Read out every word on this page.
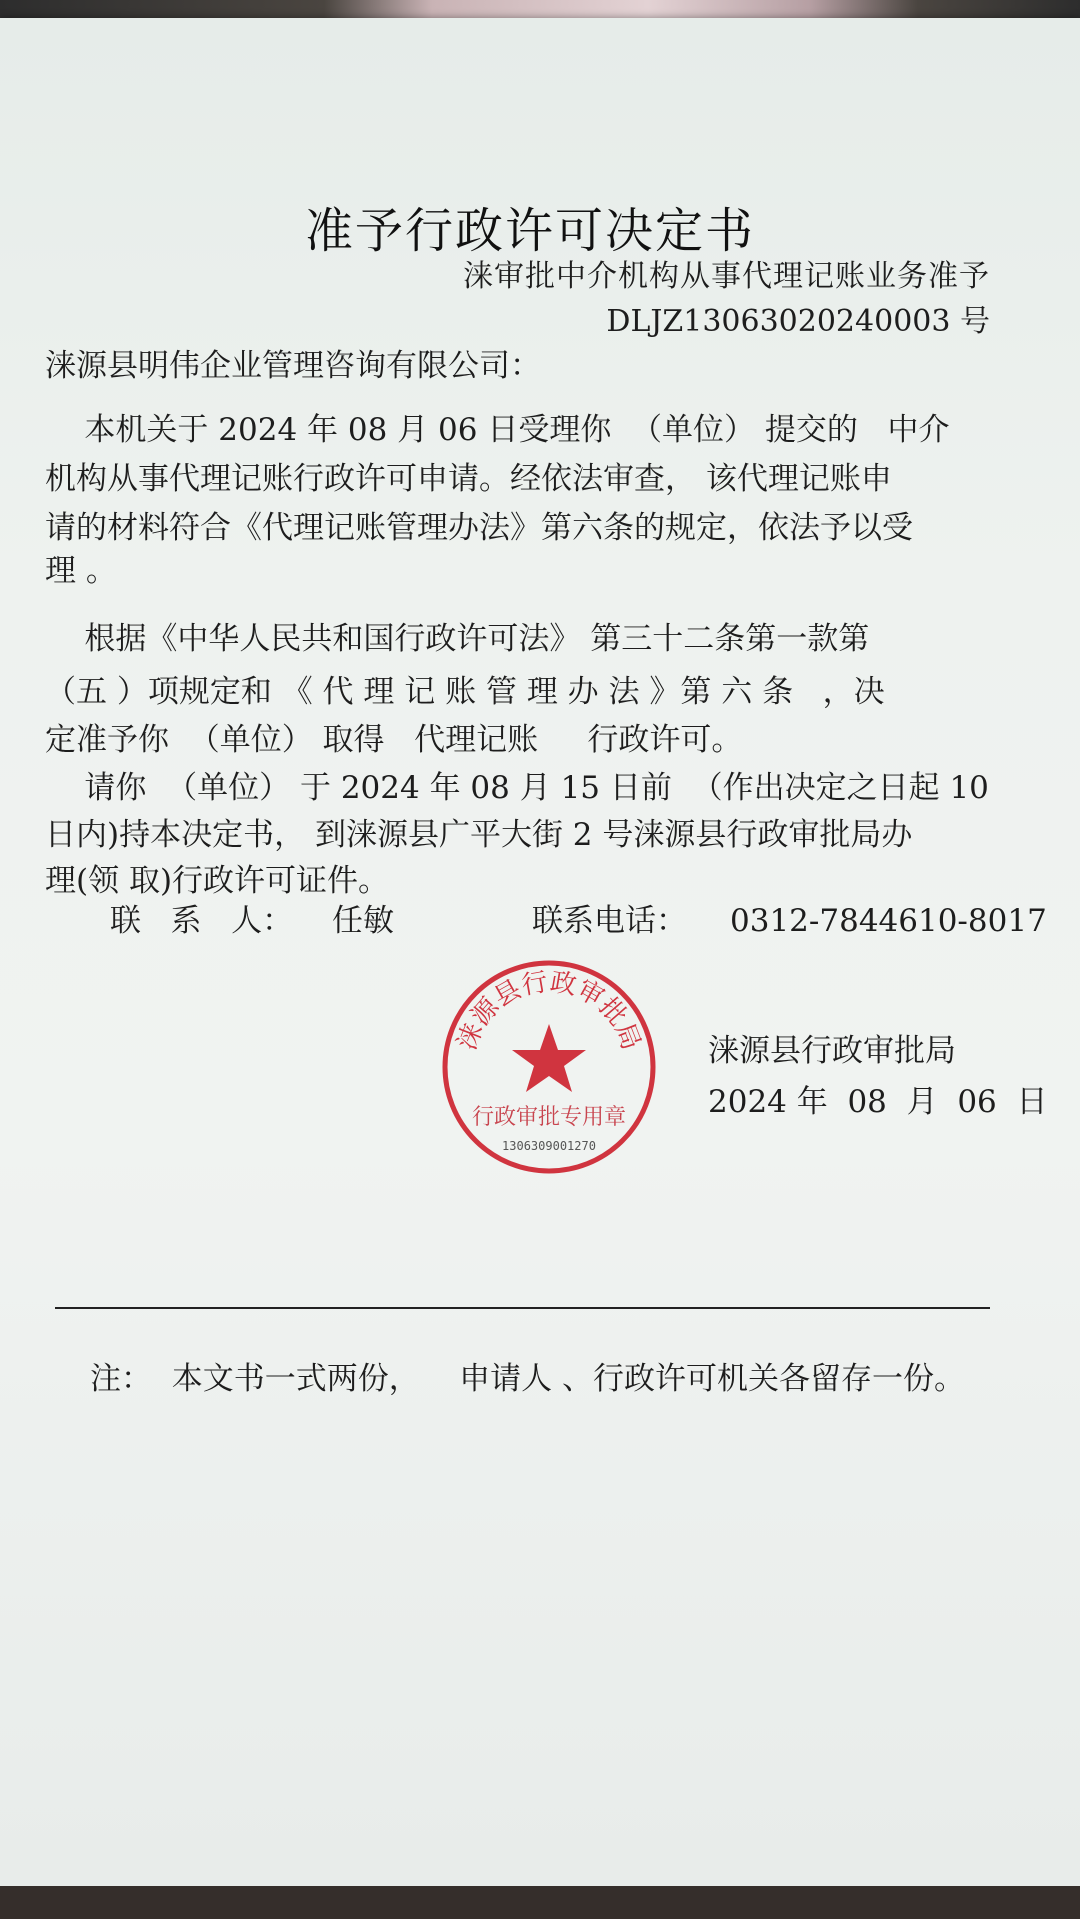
准予行政许可决定书
涞审批中介机构从事代理记账业务准予
DLJZ13063020240003 号
涞源县明伟企业管理咨询有限公司：
本机关于 2024 年 08 月 06 日受理你  （单位） 提交的   中介
机构从事代理记账行政许可申请。经依法审查， 该代理记账申
请的材料符合《代理记账管理办法》第六条的规定，依法予以受
理 。
根据《中华人民共和国行政许可法》 第三十二条第一款第
（五 ）项规定和 《 代 理 记 账 管 理 办 法 》第 六 条   ，决
定准予你  （单位） 取得   代理记账     行政许可。
请你  （单位） 于 2024 年 08 月 15 日前  （作出决定之日起 10
日内)持本决定书， 到涞源县广平大街 2 号涞源县行政审批局办
理(领 取)行政许可证件。
联   系   人： 任敏	联系电话： 0312-7844610-8017
涞源县行政审批局
行政审批专用章
1306309001270
涞源县行政审批局
2024 年  08  月  06  日
注：  本文书一式两份，    申请人 、行政许可机关各留存一份。
